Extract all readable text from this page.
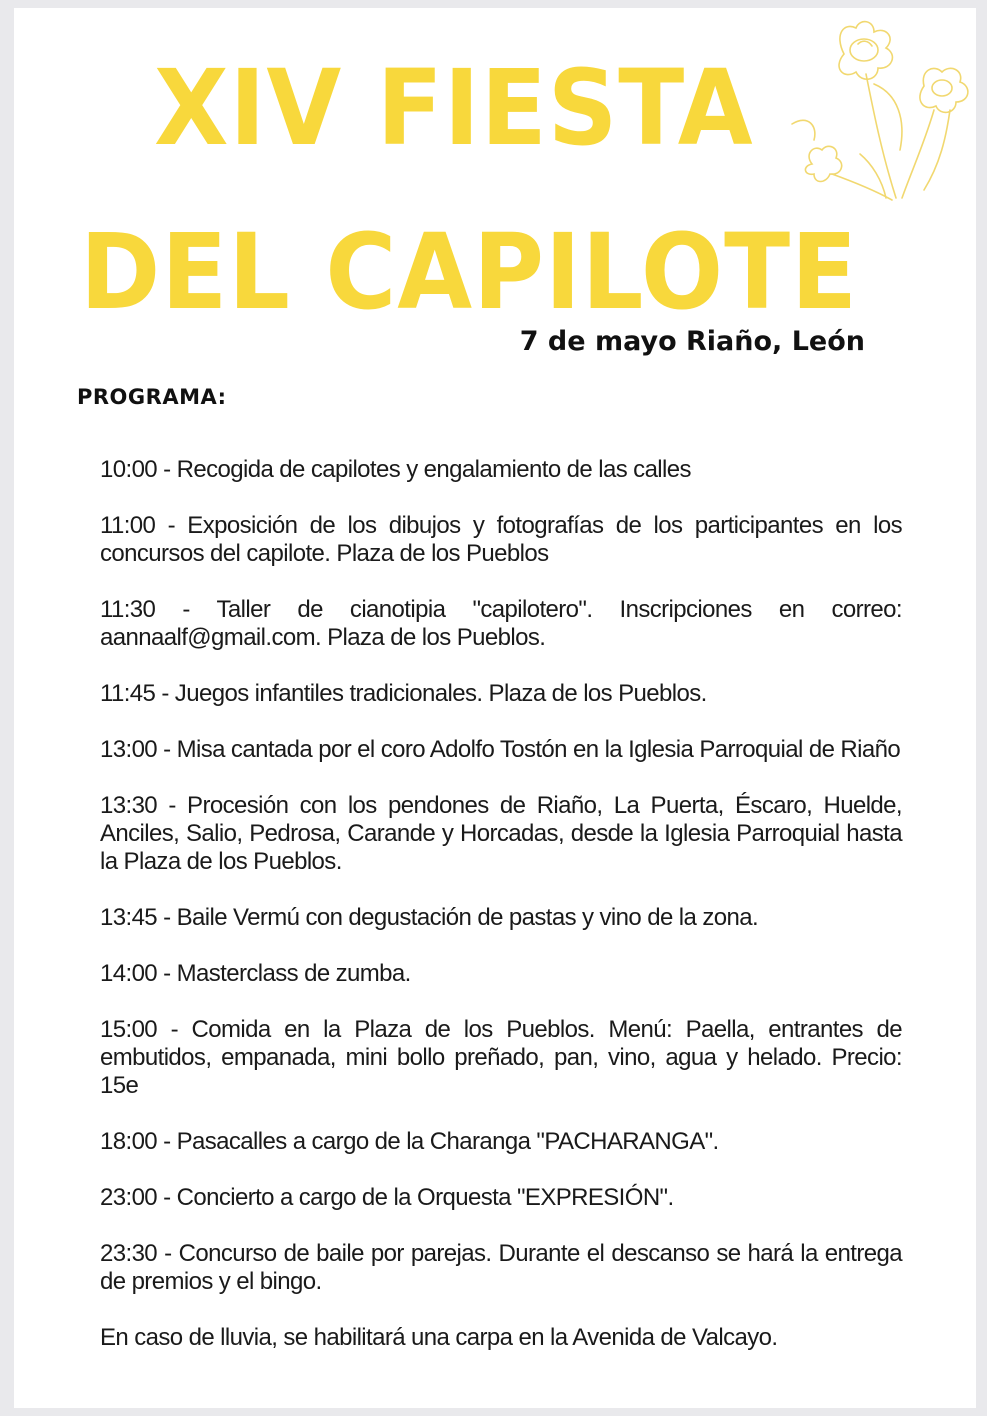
XIV FIESTA
DEL CAPILOTE
7 de mayo Riaño, León
PROGRAMA:

10:00 - Recogida de capilotes y engalamiento de las calles

11:00 - Exposición de los dibujos y fotografías de los participantes en los concursos del capilote. Plaza de los Pueblos

11:30 - Taller de cianotipia "capilotero". Inscripciones en correo: aannaalf@gmail.com. Plaza de los Pueblos.

11:45 - Juegos infantiles tradicionales. Plaza de los Pueblos.

13:00 - Misa cantada por el coro Adolfo Tostón en la Iglesia Parroquial de Riaño

13:30 - Procesión con los pendones de Riaño, La Puerta, Éscaro, Huelde, Anciles, Salio, Pedrosa, Carande y Horcadas, desde la Iglesia Parroquial hasta la Plaza de los Pueblos.

13:45 - Baile Vermú con degustación de pastas y vino de la zona.

14:00 - Masterclass de zumba.

15:00 - Comida en la Plaza de los Pueblos. Menú: Paella, entrantes de embutidos, empanada, mini bollo preñado, pan, vino, agua y helado. Precio: 15e

18:00 - Pasacalles a cargo de la Charanga "PACHARANGA".

23:00 - Concierto a cargo de la Orquesta "EXPRESIÓN".

23:30 - Concurso de baile por parejas. Durante el descanso se hará la entrega de premios y el bingo.

En caso de lluvia, se habilitará una carpa en la Avenida de Valcayo.
